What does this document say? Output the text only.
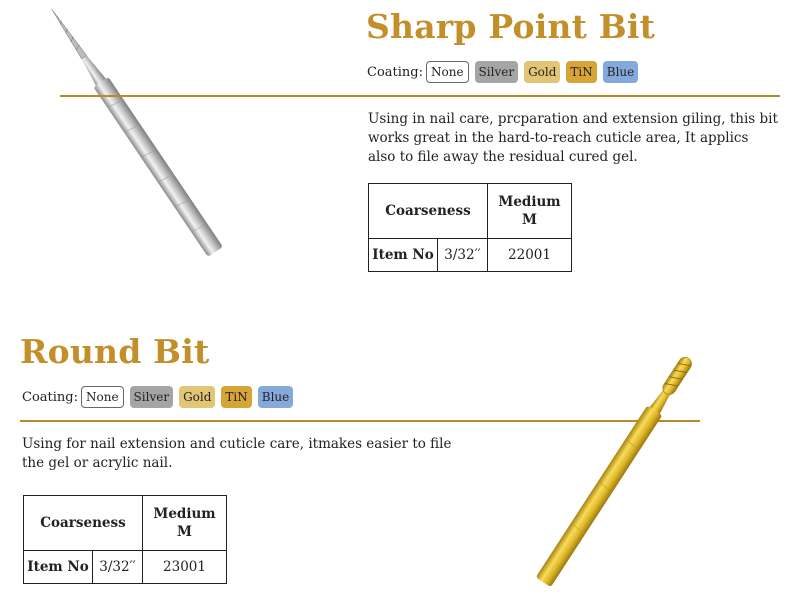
Sharp Point Bit
Coating: None	Silver	Gold	TiN	Blue

Using in nail care, prcparation and extension giling, this bit works great in the hard-to-reach cuticle area, It applics also to file away the residual cured gel.

Coarseness		Medium
M
Item No	3/32′′	22001
Round Bit
Coating: None	Silver	Gold	TiN	Blue

Using for nail extension and cuticle care, itmakes easier to file the gel or acrylic nail.

Coarseness		Medium
M
Item No	3/32′′	23001
